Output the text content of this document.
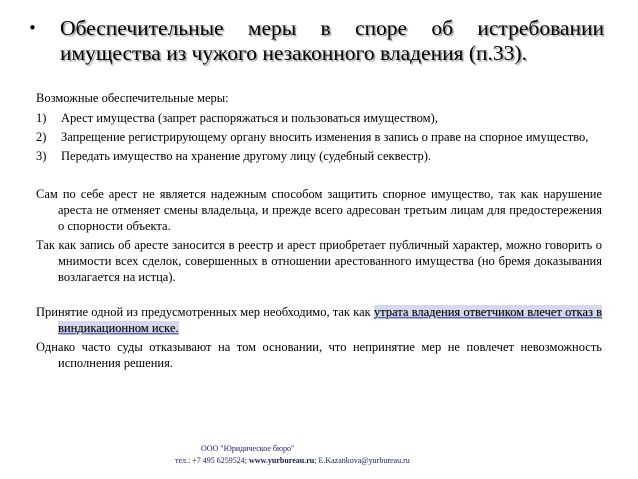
•	Обеспечительные меры в споре об истребовании имущества из чужого незаконного владения (п.33).

Возможные обеспечительные меры:

1)	Арест имущества (запрет распоряжаться и пользоваться имуществом),
2)	Запрещение регистрирующему органу вносить изменения в запись о праве на спорное имущество,
3)	Передать имущество на хранение другому лицу (судебный секвестр).

Сам по себе арест не является надежным способом защитить спорное имущество, так как нарушение ареста не отменяет смены владельца, и прежде всего адресован третьим лицам для предостережения о спорности объекта.

Так как запись об аресте заносится в реестр и арест приобретает публичный характер, можно говорить о мнимости всех сделок, совершенных в отношении арестованного имущества (но бремя доказывания возлагается на истца).

Принятие одной из предусмотренных мер необходимо, так как утрата владения ответчиком влечет отказ в виндикационном иске.

Однако часто суды отказывают на том основании, что непринятие мер не повлечет невозможность исполнения решения.

ООО "Юридическое бюро"
тел.: +7 495 6259524; www.yurbureau.ru; E.Kazankova@yurbureau.ru
